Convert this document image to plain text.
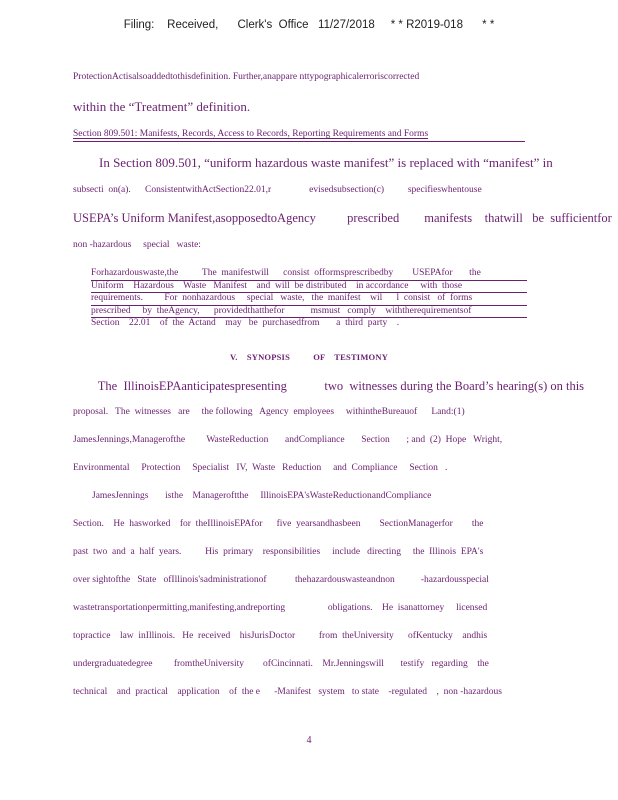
Filing:    Received,      Clerk's  Office   11/27/2018     * * R2019-018      * *
ProtectionActisalsoaddedtothisdefinition. Further,anappare nttypographicalerroriscorrected
within the “Treatment” definition.
Section 809.501: Manifests, Records, Access to Records, Reporting Requirements and Forms
In Section 809.501, “uniform hazardous waste manifest” is replaced with “manifest” in
subsecti  on(a).      ConsistentwithActSection22.01,r                evisedsubsection(c)          specifieswhentouse
USEPA’s Uniform Manifest,asopposedtoAgency          prescribed        manifests    thatwill   be  sufficientfor
non -hazardous     special   waste:
Forhazardouswaste,the          The  manifestwill      consist  offormsprescribedby        USEPAfor       the
Uniform    Hazardous    Waste   Manifest    and  will  be distributed    in accordance     with  those
requirements.         For  nonhazardous     special   waste,   the  manifest    wil      l  consist   of  forms
prescribed     by  theAgency,      providedthatthefor           msmust   comply    withtherequirementsof
Section    22.01    of  the  Actand    may   be  purchasedfrom       a  third  party    .
V.    SYNOPSIS          OF    TESTIMONY
The  IllinoisEPAanticipatespresenting            two  witnesses during the Board’s hearing(s) on this
proposal.   The  witnesses   are     the following   Agency  employees     withintheBureauof      Land:(1)
JamesJennings,Managerofthe         WasteReduction       andCompliance       Section       ; and  (2)  Hope   Wright,
Environmental     Protection     Specialist   IV,  Waste   Reduction     and  Compliance     Section   .
JamesJennings       isthe    Manageroftthe     IllinoisEPA'sWasteReductionandCompliance
Section.    He  hasworked    for  theIllinoisEPAfor      five  yearsandhasbeen        SectionManagerfor        the
past  two  and  a  half  years.          His  primary    responsibilities     include   directing     the  Illinois  EPA's
over sightofthe   State   ofIllinois'sadministrationof            thehazardouswasteandnon           -hazardousspecial
wastetransportationpermitting,manifesting,andreporting                  obligations.    He  isanattorney     licensed
topractice    law  inIllinois.   He  received    hisJurisDoctor          from  theUniversity      ofKentucky    andhis
undergraduatedegree         fromtheUniversity        ofCincinnati.    Mr.Jenningswill       testify   regarding    the
technical    and  practical    application    of  the e      -Manifest   system   to state    -regulated    ,  non -hazardous
4
